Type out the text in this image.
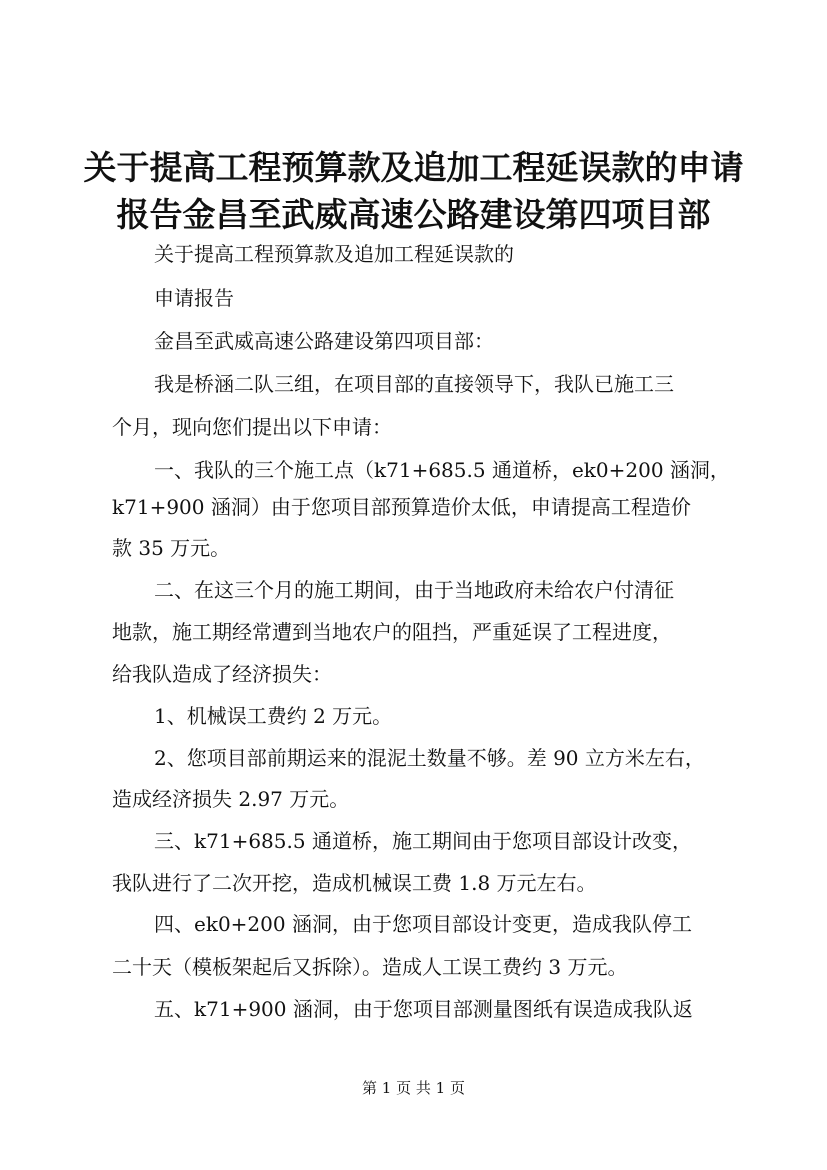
关于提高工程预算款及追加工程延误款的申请
报告金昌至武威高速公路建设第四项目部

关于提高工程预算款及追加工程延误款的

申请报告

金昌至武威高速公路建设第四项目部：

我是桥涵二队三组，在项目部的直接领导下，我队已施工三

个月，现向您们提出以下申请：

一、我队的三个施工点（k71+685.5 通道桥，ek0+200 涵洞，

k71+900 涵洞）由于您项目部预算造价太低，申请提高工程造价

款 35 万元。

二、在这三个月的施工期间，由于当地政府未给农户付清征

地款，施工期经常遭到当地农户的阻挡，严重延误了工程进度，

给我队造成了经济损失：

1、机械误工费约 2 万元。

2、您项目部前期运来的混泥土数量不够。差 90 立方米左右，

造成经济损失 2.97 万元。

三、k71+685.5 通道桥，施工期间由于您项目部设计改变，

我队进行了二次开挖，造成机械误工费 1.8 万元左右。

四、ek0+200 涵洞，由于您项目部设计变更，造成我队停工

二十天（模板架起后又拆除）。造成人工误工费约 3 万元。

五、k71+900 涵洞，由于您项目部测量图纸有误造成我队返

第 1 页 共 1 页
